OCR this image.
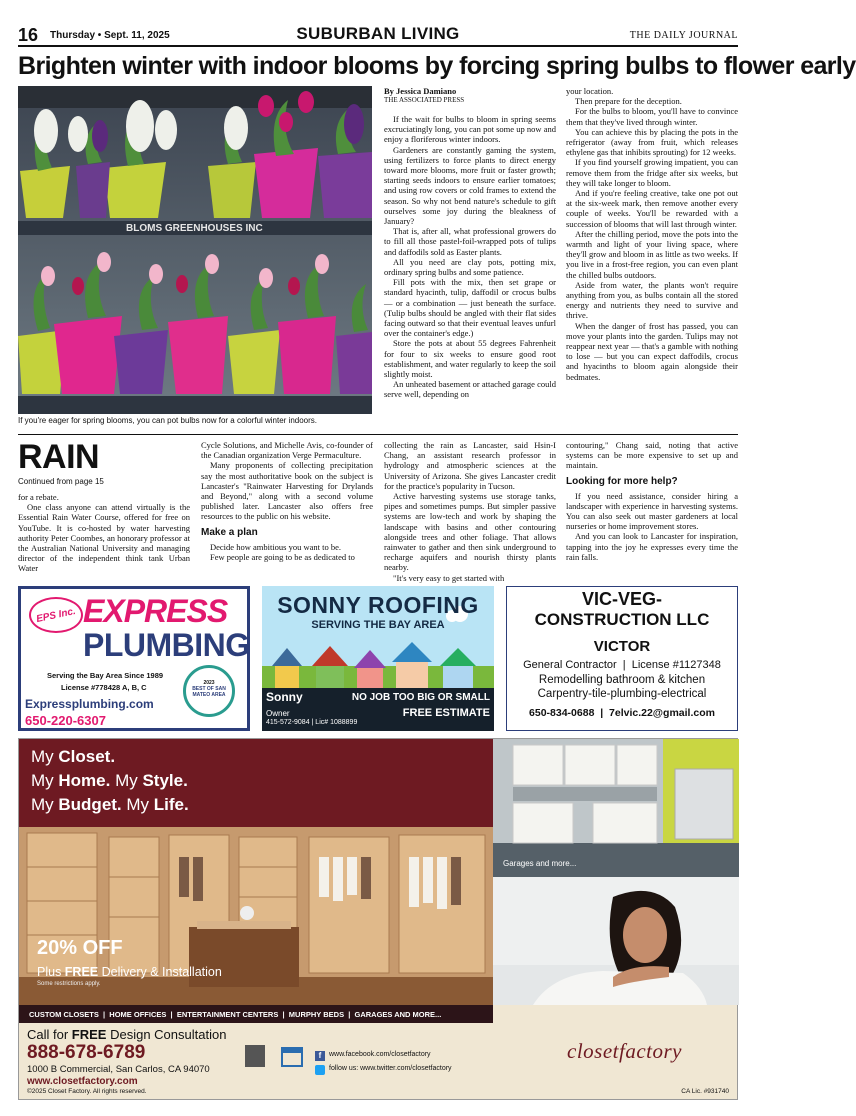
16 Thursday • Sept. 11, 2025	SUBURBAN LIVING	THE DAILY JOURNAL
Brighten winter with indoor blooms by forcing spring bulbs to flower early
BLOMS GREENHOUSES INC
If you're eager for spring blooms, you can pot bulbs now for a colorful winter indoors.
By Jessica Damiano
THE ASSOCIATED PRESS
If the wait for bulbs to bloom in spring seems excruciatingly long, you can pot some up now and enjoy a floriferous winter indoors.
Gardeners are constantly gaming the system, using fertilizers to force plants to direct energy toward more blooms, more fruit or faster growth; starting seeds indoors to ensure earlier tomatoes; and using row covers or cold frames to extend the season. So why not bend nature's schedule to gift ourselves some joy during the bleakness of January?
That is, after all, what professional growers do to fill all those pastel-foil-wrapped pots of tulips and daffodils sold as Easter plants.
All you need are clay pots, potting mix, ordinary spring bulbs and some patience.
Fill pots with the mix, then set grape or standard hyacinth, tulip, daffodil or crocus bulbs — or a combination — just beneath the surface. (Tulip bulbs should be angled with their flat sides facing outward so that their eventual leaves unfurl over the container's edge.)
Store the pots at about 55 degrees Fahrenheit for four to six weeks to ensure good root establishment, and water regularly to keep the soil slightly moist.
An unheated basement or attached garage could serve well, depending on
your location.
Then prepare for the deception.
For the bulbs to bloom, you'll have to convince them that they've lived through winter.
You can achieve this by placing the pots in the refrigerator (away from fruit, which releases ethylene gas that inhibits sprouting) for 12 weeks.
If you find yourself growing impatient, you can remove them from the fridge after six weeks, but they will take longer to bloom.
And if you're feeling creative, take one pot out at the six-week mark, then remove another every couple of weeks. You'll be rewarded with a succession of blooms that will last through winter.
After the chilling period, move the pots into the warmth and light of your living space, where they'll grow and bloom in as little as two weeks. If you live in a frost-free region, you can even plant the chilled bulbs outdoors.
Aside from water, the plants won't require anything from you, as bulbs contain all the stored energy and nutrients they need to survive and thrive.
When the danger of frost has passed, you can move your plants into the garden. Tulips may not reappear next year — that's a gamble with nothing to lose — but you can expect daffodils, crocus and hyacinths to bloom again alongside their bedmates.
RAIN
Continued from page 15
for a rebate.
One class anyone can attend virtually is the Essential Rain Water Course, offered for free on YouTube. It is co-hosted by water harvesting authority Peter Coombes, an honorary professor at the Australian National University and managing director of the independent think tank Urban Water
Cycle Solutions, and Michelle Avis, co-founder of the Canadian organization Verge Permaculture.
Many proponents of collecting precipitation say the most authoritative book on the subject is Lancaster's "Rainwater Harvesting for Drylands and Beyond," along with a second volume published later. Lancaster also offers free resources to the public on his website.
Make a plan
Decide how ambitious you want to be.
Few people are going to be as dedicated to
collecting the rain as Lancaster, said Hsin-I Chang, an assistant research professor in hydrology and atmospheric sciences at the University of Arizona. She gives Lancaster credit for the practice's popularity in Tucson.
Active harvesting systems use storage tanks, pipes and sometimes pumps. But simpler passive systems are low-tech and work by shaping the landscape with basins and other contouring alongside trees and other foliage. That allows rainwater to gather and then sink underground to recharge aquifers and nourish thirsty plants nearby.
"It's very easy to get started with
contouring," Chang said, noting that active systems can be more expensive to set up and maintain.
Looking for more help?
If you need assistance, consider hiring a landscaper with experience in harvesting systems. You can also seek out master gardeners at local nurseries or home improvement stores.
And you can look to Lancaster for inspiration, tapping into the joy he expresses every time the rain falls.
EPS Inc. EXPRESS
PLUMBING
Serving the Bay Area Since 1989
License #778428 A, B, C	2023
BEST OF SAN MATEO AREA
Expressplumbing.com
650-220-6307
SONNY ROOFING
SERVING THE BAY AREA
Sonny
Owner
415-572-9084 | Lic# 1088899
NO JOB TOO BIG OR SMALL
FREE ESTIMATE
VIC-VEG-
CONSTRUCTION LLC
VICTOR
General Contractor  |  License #1127348
Remodelling bathroom & kitchen
Carpentry-tile-plumbing-electrical
650-834-0688  |  7elvic.22@gmail.com
My Closet.
My Home. My Style.
My Budget. My Life.
20% OFF
Plus FREE Delivery & Installation
Some restrictions apply.
Garages and more...
CUSTOM CLOSETS  |  HOME OFFICES  |  ENTERTAINMENT CENTERS  |  MURPHY BEDS  |  GARAGES AND MORE...
Call for FREE Design Consultation
888-678-6789
1000 B Commercial, San Carlos, CA 94070
www.closetfactory.com
f	www.facebook.com/closetfactory
follow us: www.twitter.com/closetfactory
closetfactory
©2025 Closet Factory. All rights reserved.	CA Lic. #931740
